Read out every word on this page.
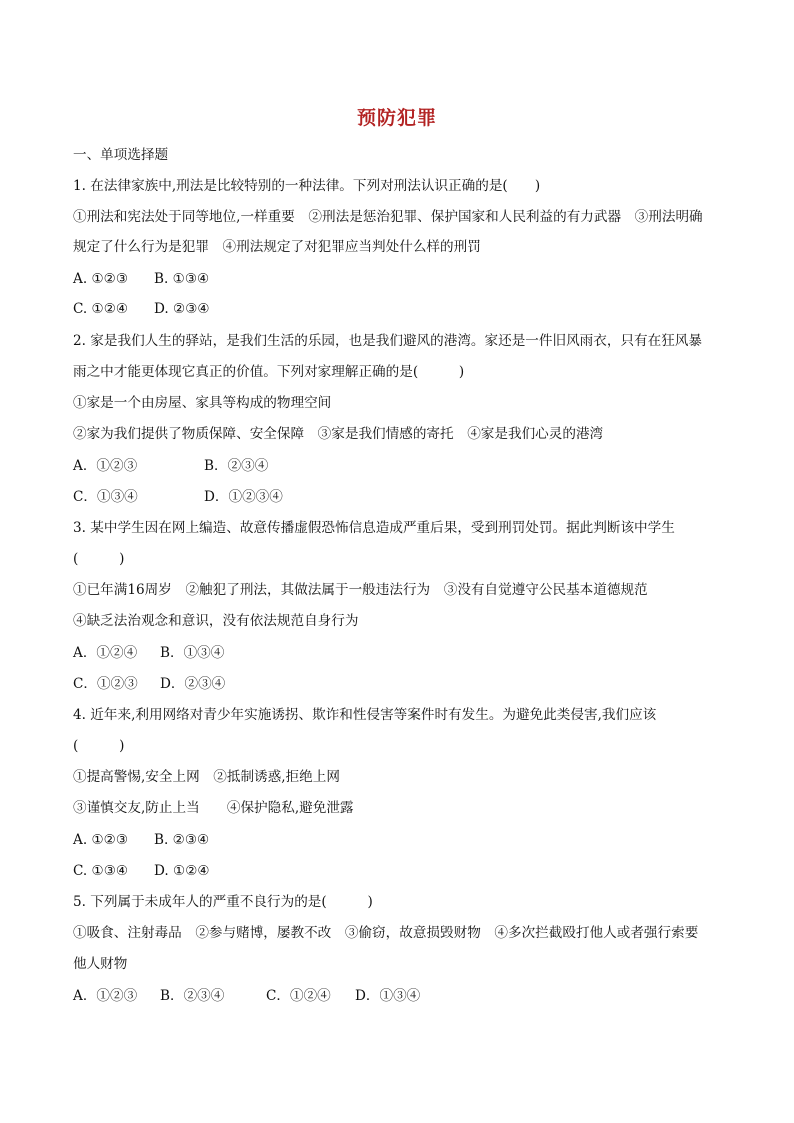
预防犯罪
一、单项选择题
1. 在法律家族中,刑法是比较特别的一种法律。下列对刑法认识正确的是(　　)
①刑法和宪法处于同等地位,一样重要　②刑法是惩治犯罪、保护国家和人民利益的有力武器　③刑法明确
规定了什么行为是犯罪　④刑法规定了对犯罪应当判处什么样的刑罚
A. ①②③ B. ①③④
C. ①②④ D. ②③④
2. 家是我们人生的驿站，是我们生活的乐园，也是我们避风的港湾。家还是一件旧风雨衣，只有在狂风暴
雨之中才能更体现它真正的价值。下列对家理解正确的是(　　　)
①家是一个由房屋、家具等构成的物理空间
②家为我们提供了物质保障、安全保障　③家是我们情感的寄托　④家是我们心灵的港湾
A．①②③	B．②③④
C．①③④	D．①②③④
3. 某中学生因在网上编造、故意传播虚假恐怖信息造成严重后果，受到刑罚处罚。据此判断该中学生
(　　　)
①已年满16周岁　②触犯了刑法，其做法属于一般违法行为　③没有自觉遵守公民基本道德规范
④缺乏法治观念和意识，没有依法规范自身行为
A．①②④ B．①③④
C．①②③ D．②③④
4. 近年来,利用网络对青少年实施诱拐、欺诈和性侵害等案件时有发生。为避免此类侵害,我们应该
(　　　)
①提高警惕,安全上网　②抵制诱惑,拒绝上网
③谨慎交友,防止上当　　④保护隐私,避免泄露
A. ①②③ B. ②③④
C. ①③④ D. ①②④
5. 下列属于未成年人的严重不良行为的是(　　　)
①吸食、注射毒品　②参与赌博，屡教不改　③偷窃，故意损毁财物　④多次拦截殴打他人或者强行索要
他人财物
A．①②③ B．②③④	C．①②④ D．①③④
